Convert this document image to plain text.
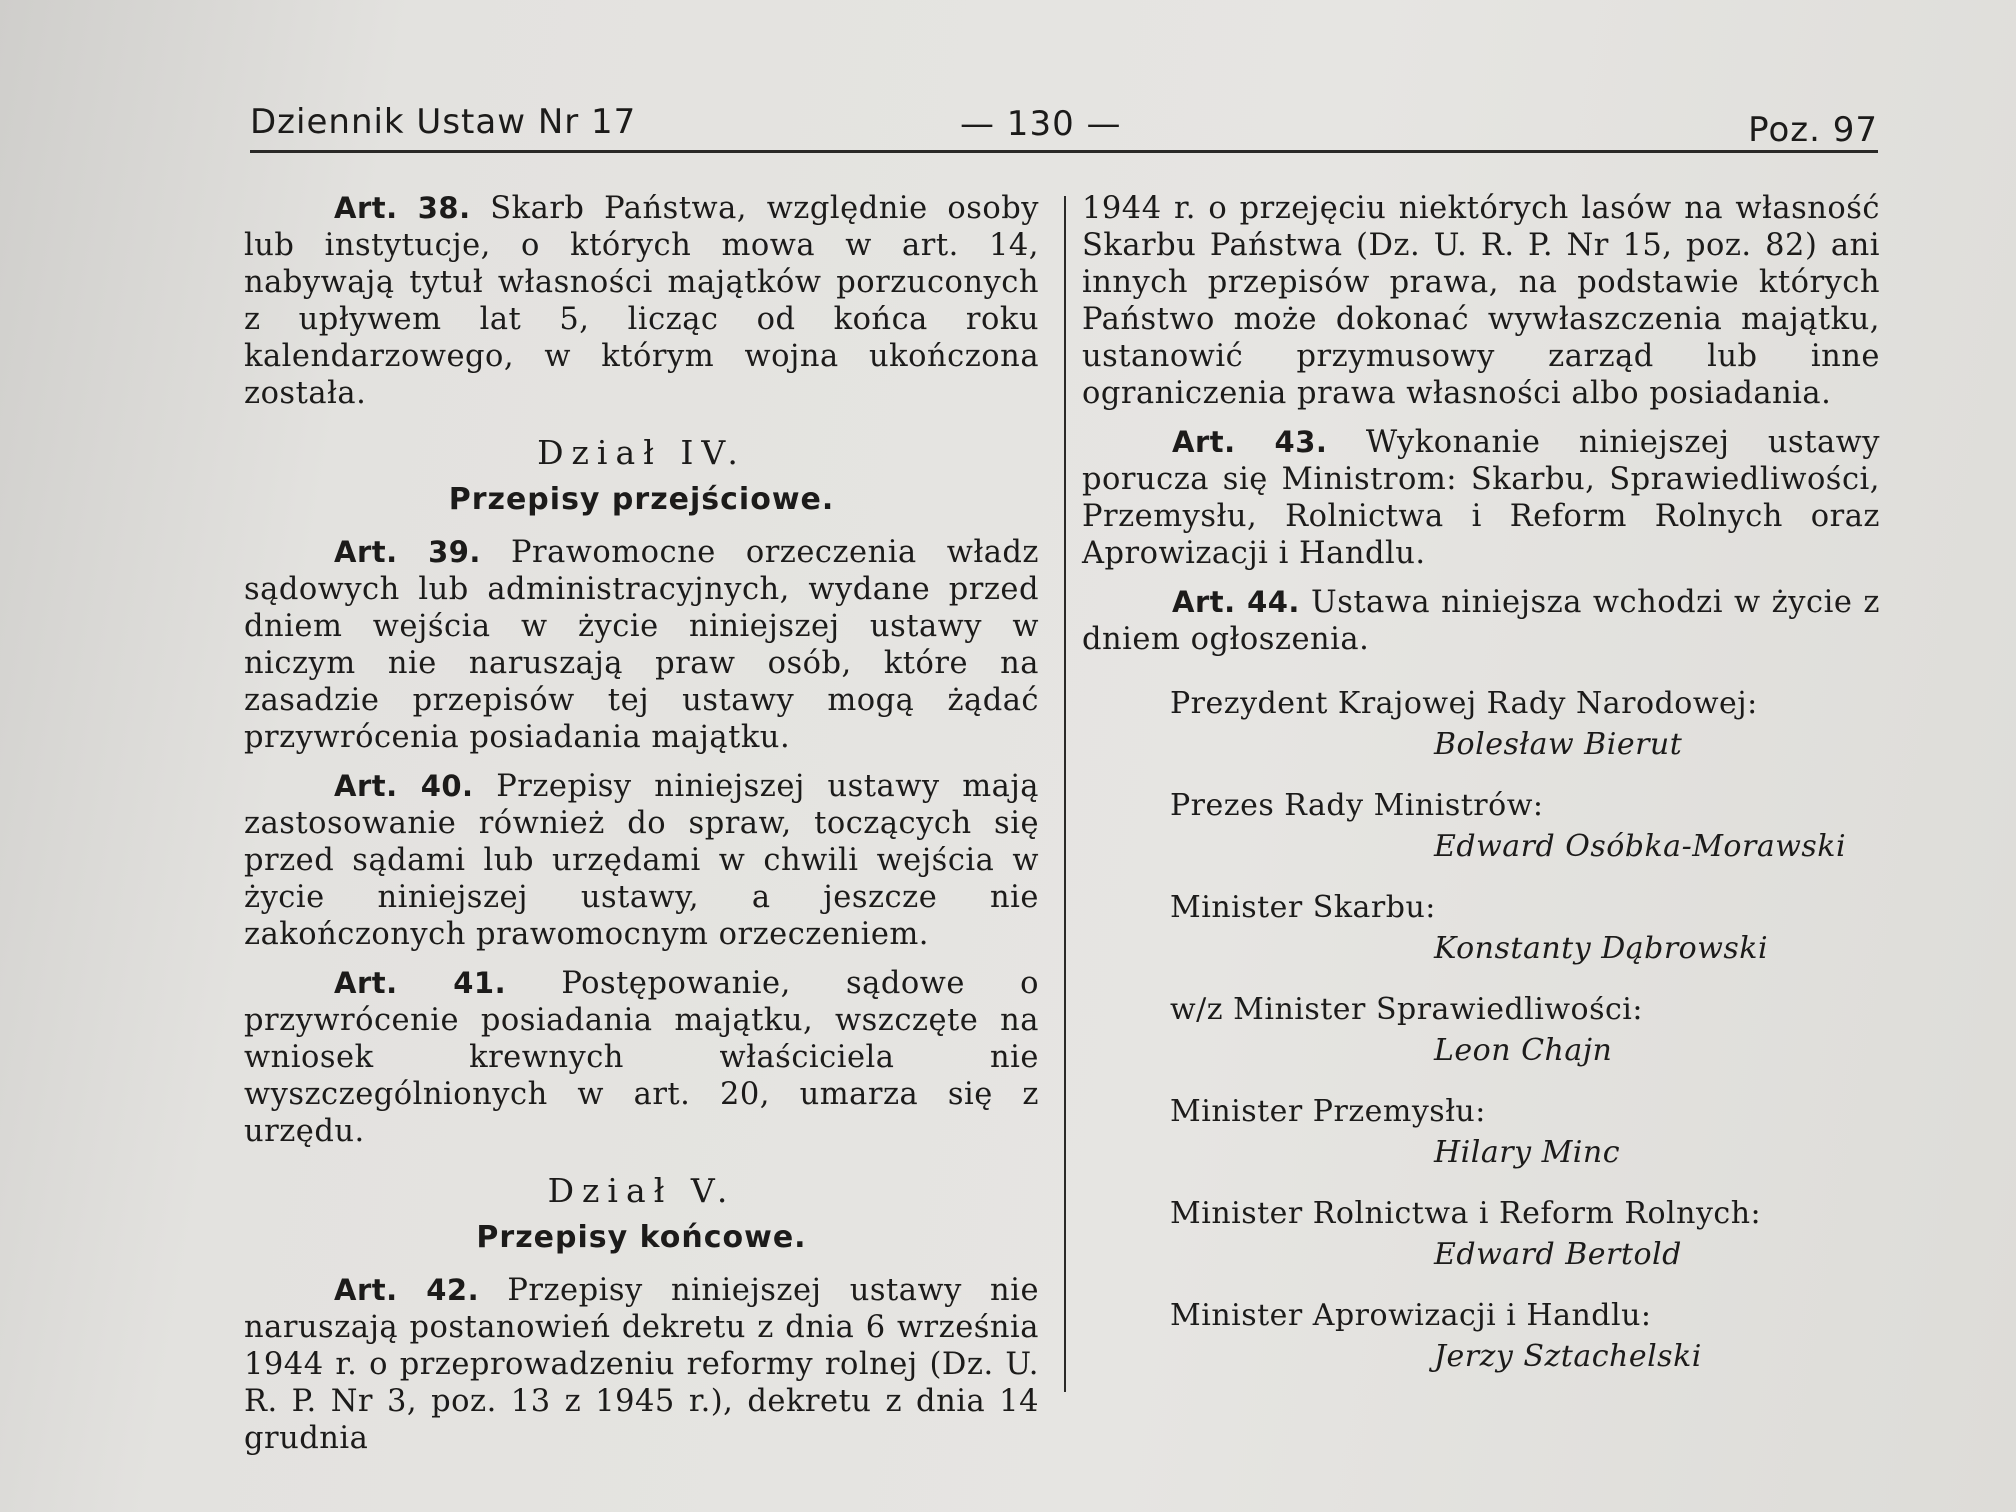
Dziennik Ustaw Nr 17	— 130 —	Poz. 97

Art. 38. Skarb Państwa, względnie osoby lub instytucje, o których mowa w art. 14, nabywają tytuł własności majątków porzuconych z upływem lat 5, licząc od końca roku kalendarzowego, w którym wojna ukończona została.

Dział IV.
Przepisy przejściowe.

Art. 39. Prawomocne orzeczenia władz sądowych lub administracyjnych, wydane przed dniem wejścia w życie niniejszej ustawy w niczym nie naruszają praw osób, które na zasadzie przepisów tej ustawy mogą żądać przywrócenia posiadania majątku.

Art. 40. Przepisy niniejszej ustawy mają zastosowanie również do spraw, toczących się przed sądami lub urzędami w chwili wejścia w życie niniejszej ustawy, a jeszcze nie zakończonych prawomocnym orzeczeniem.

Art. 41. Postępowanie, sądowe o przywrócenie posiadania majątku, wszczęte na wniosek krewnych właściciela nie wyszczególnionych w art. 20, umarza się z urzędu.

Dział V.
Przepisy końcowe.

Art. 42. Przepisy niniejszej ustawy nie naruszają postanowień dekretu z dnia 6 września 1944 r. o przeprowadzeniu reformy rolnej (Dz. U. R. P. Nr 3, poz. 13 z 1945 r.), dekretu z dnia 14 grudnia

1944 r. o przejęciu niektórych lasów na własność Skarbu Państwa (Dz. U. R. P. Nr 15, poz. 82) ani innych przepisów prawa, na podstawie których Państwo może dokonać wywłaszczenia majątku, ustanowić przymusowy zarząd lub inne ograniczenia prawa własności albo posiadania.

Art. 43. Wykonanie niniejszej ustawy porucza się Ministrom: Skarbu, Sprawiedliwości, Przemysłu, Rolnictwa i Reform Rolnych oraz Aprowizacji i Handlu.

Art. 44. Ustawa niniejsza wchodzi w życie z dniem ogłoszenia.

Prezydent Krajowej Rady Narodowej:
Bolesław Bierut
Prezes Rady Ministrów:
Edward Osóbka-Morawski
Minister Skarbu:
Konstanty Dąbrowski
w/z Minister Sprawiedliwości:
Leon Chajn
Minister Przemysłu:
Hilary Minc
Minister Rolnictwa i Reform Rolnych:
Edward Bertold
Minister Aprowizacji i Handlu:
Jerzy Sztachelski
